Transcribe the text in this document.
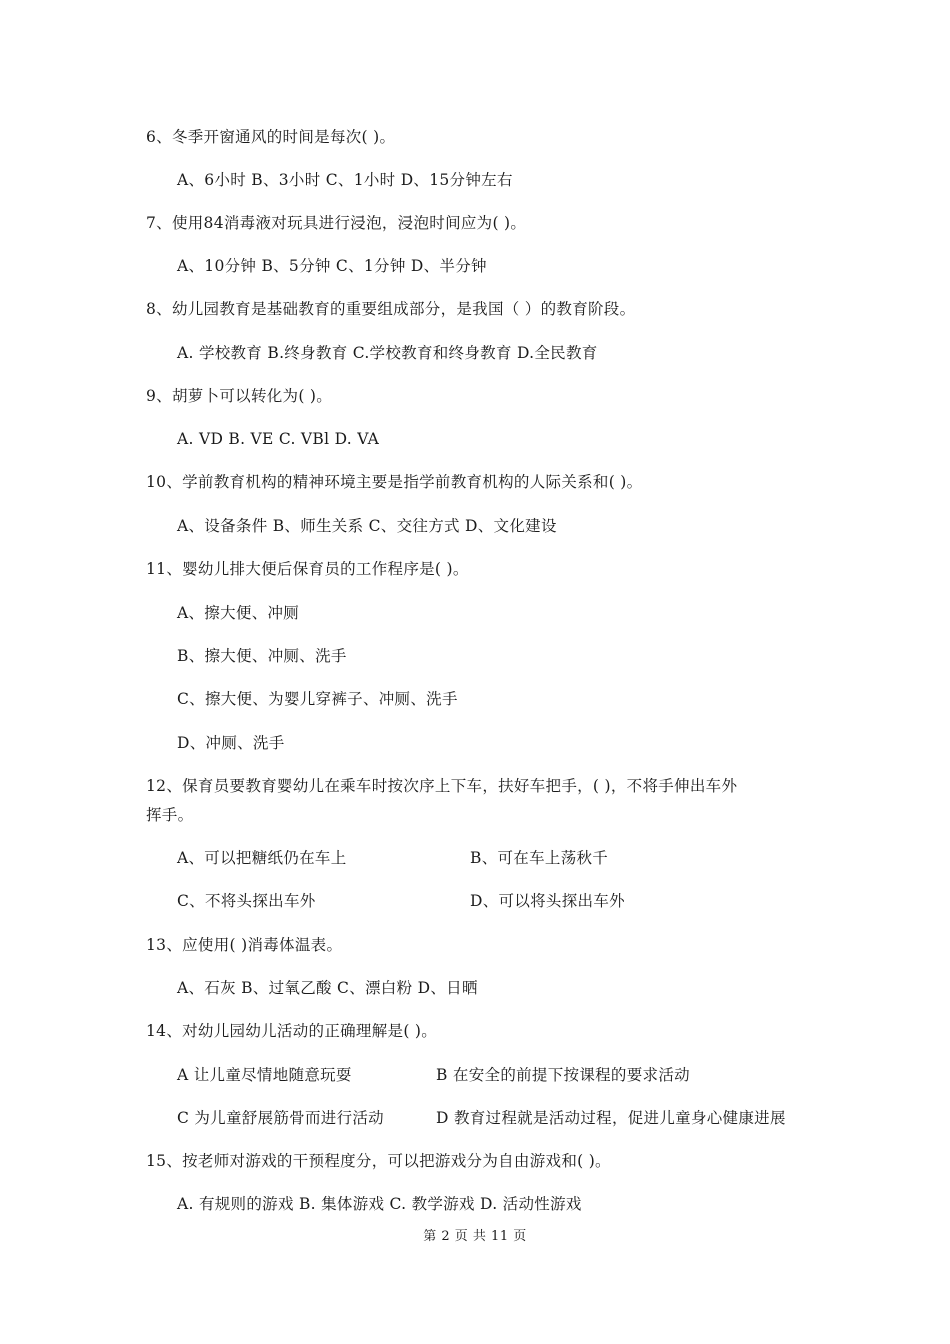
6、冬季开窗通风的时间是每次( )。
A、6小时 B、3小时 C、1小时 D、15分钟左右
7、使用84消毒液对玩具进行浸泡，浸泡时间应为( )。
A、10分钟 B、5分钟 C、1分钟 D、半分钟
8、幼儿园教育是基础教育的重要组成部分，是我国（ ）的教育阶段。
A. 学校教育 B.终身教育 C.学校教育和终身教育 D.全民教育
9、胡萝卜可以转化为( )。
A. VD B. VE C. VBl D. VA
10、学前教育机构的精神环境主要是指学前教育机构的人际关系和( )。
A、设备条件 B、师生关系 C、交往方式 D、文化建设
11、婴幼儿排大便后保育员的工作程序是( )。
A、擦大便、冲厕
B、擦大便、冲厕、洗手
C、擦大便、为婴儿穿裤子、冲厕、洗手
D、冲厕、洗手
12、保育员要教育婴幼儿在乘车时按次序上下车，扶好车把手，( )，不将手伸出车外
挥手。
A、可以把糖纸仍在车上	B、可在车上荡秋千
C、不将头探出车外	D、可以将头探出车外
13、应使用( )消毒体温表。
A、石灰 B、过氧乙酸 C、漂白粉 D、日晒
14、对幼儿园幼儿活动的正确理解是( )。
A 让儿童尽情地随意玩耍	B 在安全的前提下按课程的要求活动
C 为儿童舒展筋骨而进行活动	D 教育过程就是活动过程，促进儿童身心健康进展
15、按老师对游戏的干预程度分，可以把游戏分为自由游戏和( )。
A. 有规则的游戏 B. 集体游戏 C. 教学游戏 D. 活动性游戏
第 2 页 共 11 页
